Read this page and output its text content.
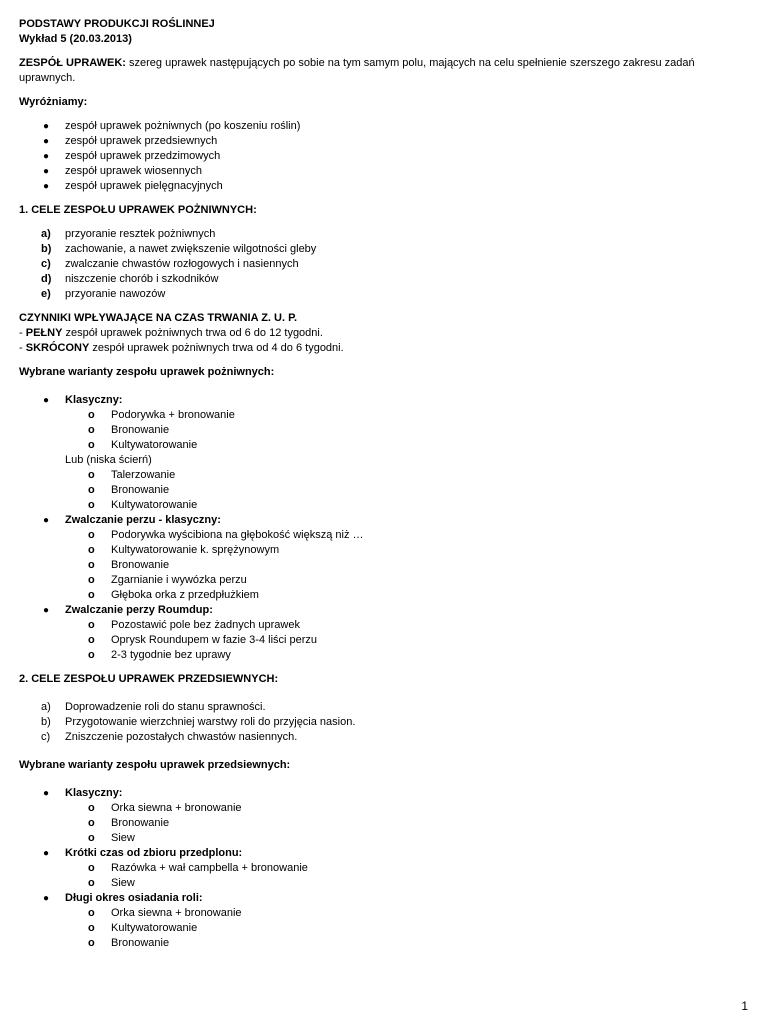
PODSTAWY PRODUKCJI ROŚLINNEJ
Wykład 5 (20.03.2013)
ZESPÓŁ UPRAWEK: szereg uprawek następujących po sobie na tym samym polu, mających na celu spełnienie szerszego zakresu zadań uprawnych.
Wyróżniamy:
● zespół uprawek pożniwnych (po koszeniu roślin)
● zespół uprawek przedsiewnych
● zespół uprawek przedzimowych
● zespół uprawek wiosennych
● zespół uprawek pielęgnacyjnych
1. CELE ZESPOŁU UPRAWEK POŻNIWNYCH:
a) przyoranie resztek pożniwnych
b) zachowanie, a nawet zwiększenie wilgotności gleby
c) zwalczanie chwastów rozłogowych i nasiennych
d) niszczenie chorób i szkodników
e) przyoranie nawozów
CZYNNIKI WPŁYWAJĄCE NA CZAS TRWANIA Z. U. P.
- PEŁNY zespół uprawek pożniwnych trwa od 6 do 12 tygodni.
- SKRÓCONY zespół uprawek pożniwnych trwa od 4 do 6 tygodni.
Wybrane warianty zespołu uprawek pożniwnych:
● Klasyczny:
o Podorywka + bronowanie
o Bronowanie
o Kultywatorowanie
Lub (niska ścierń)
o Talerzowanie
o Bronowanie
o Kultywatorowanie
● Zwalczanie perzu - klasyczny:
o Podorywka wyścibiona na głębokość większą niż …
o Kultywatorowanie k. sprężynowym
o Bronowanie
o Zgarnianie i wywózka perzu
o Głęboka orka z przedpłużkiem
● Zwalczanie perzy Roumdup:
o Pozostawić pole bez żadnych uprawek
o Oprysk Roundupem w fazie 3-4 liści perzu
o 2-3 tygodnie bez uprawy
2. CELE ZESPOŁU UPRAWEK PRZEDSIEWNYCH:
a) Doprowadzenie roli do stanu sprawności.
b) Przygotowanie wierzchniej warstwy roli do przyjęcia nasion.
c) Zniszczenie pozostałych chwastów nasiennych.
Wybrane warianty zespołu uprawek przedsiewnych:
● Klasyczny:
o Orka siewna + bronowanie
o Bronowanie
o Siew
● Krótki czas od zbioru przedplonu:
o Razówka + wał campbella + bronowanie
o Siew
● Długi okres osiadania roli:
o Orka siewna + bronowanie
o Kultywatorowanie
o Bronowanie
1
